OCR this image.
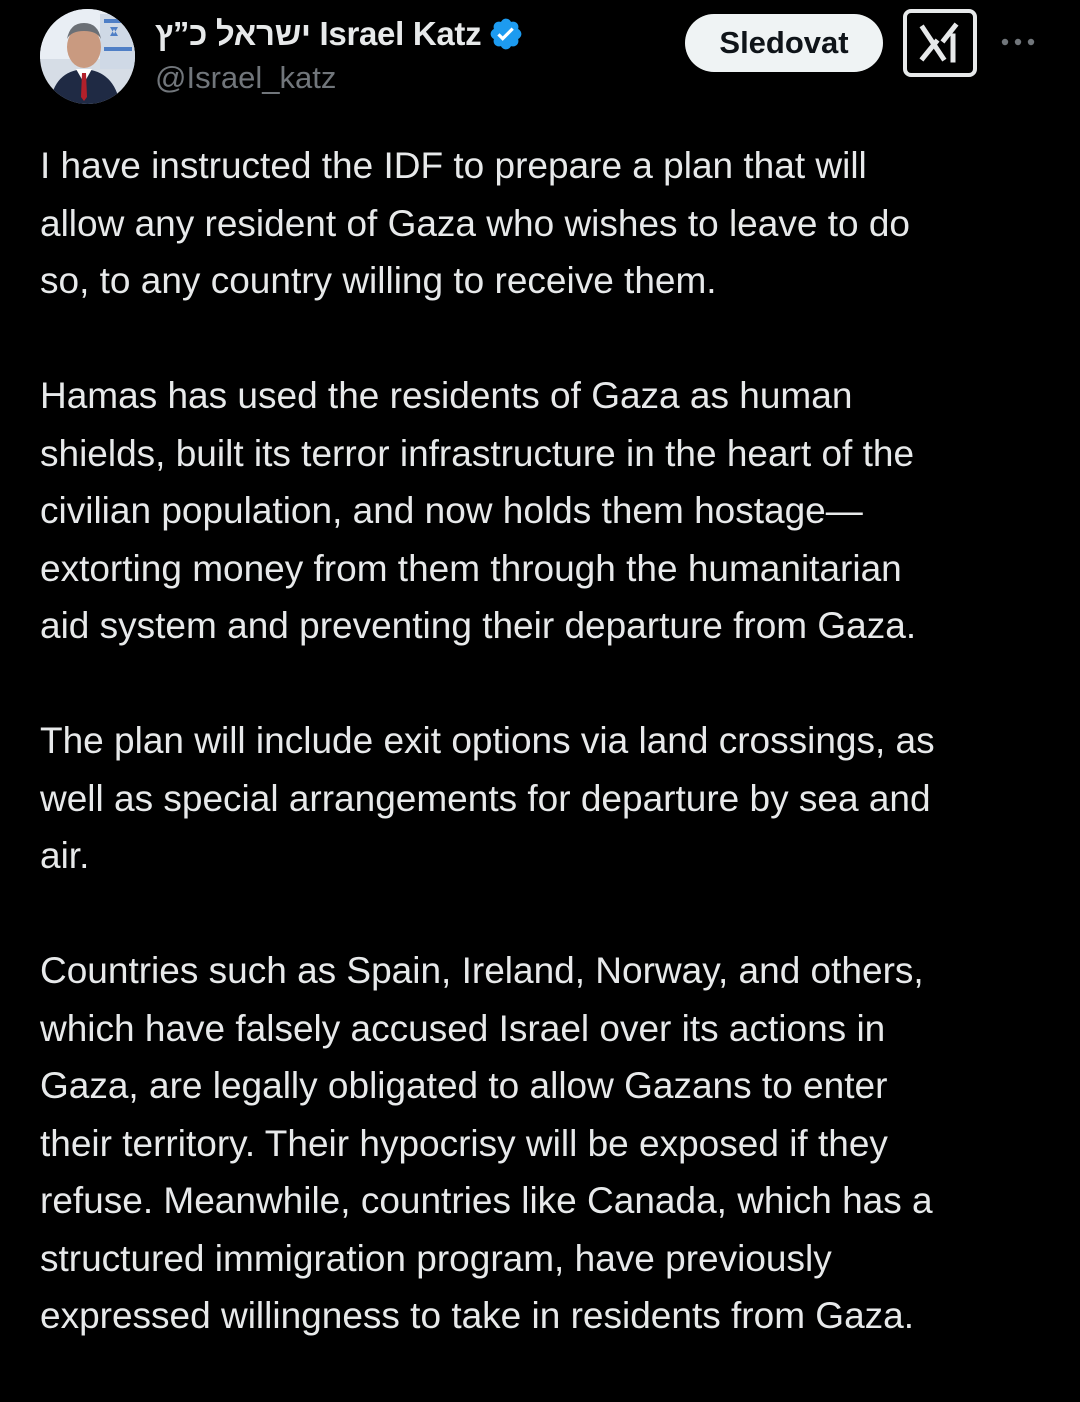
ישראל כ”ץ Israel Katz
@Israel_katz
Sledovat

I have instructed the IDF to prepare a plan that will
allow any resident of Gaza who wishes to leave to do
so, to any country willing to receive them.

Hamas has used the residents of Gaza as human
shields, built its terror infrastructure in the heart of the
civilian population, and now holds them hostage—
extorting money from them through the humanitarian
aid system and preventing their departure from Gaza.

The plan will include exit options via land crossings, as
well as special arrangements for departure by sea and
air.

Countries such as Spain, Ireland, Norway, and others,
which have falsely accused Israel over its actions in
Gaza, are legally obligated to allow Gazans to enter
their territory. Their hypocrisy will be exposed if they
refuse. Meanwhile, countries like Canada, which has a
structured immigration program, have previously
expressed willingness to take in residents from Gaza.
